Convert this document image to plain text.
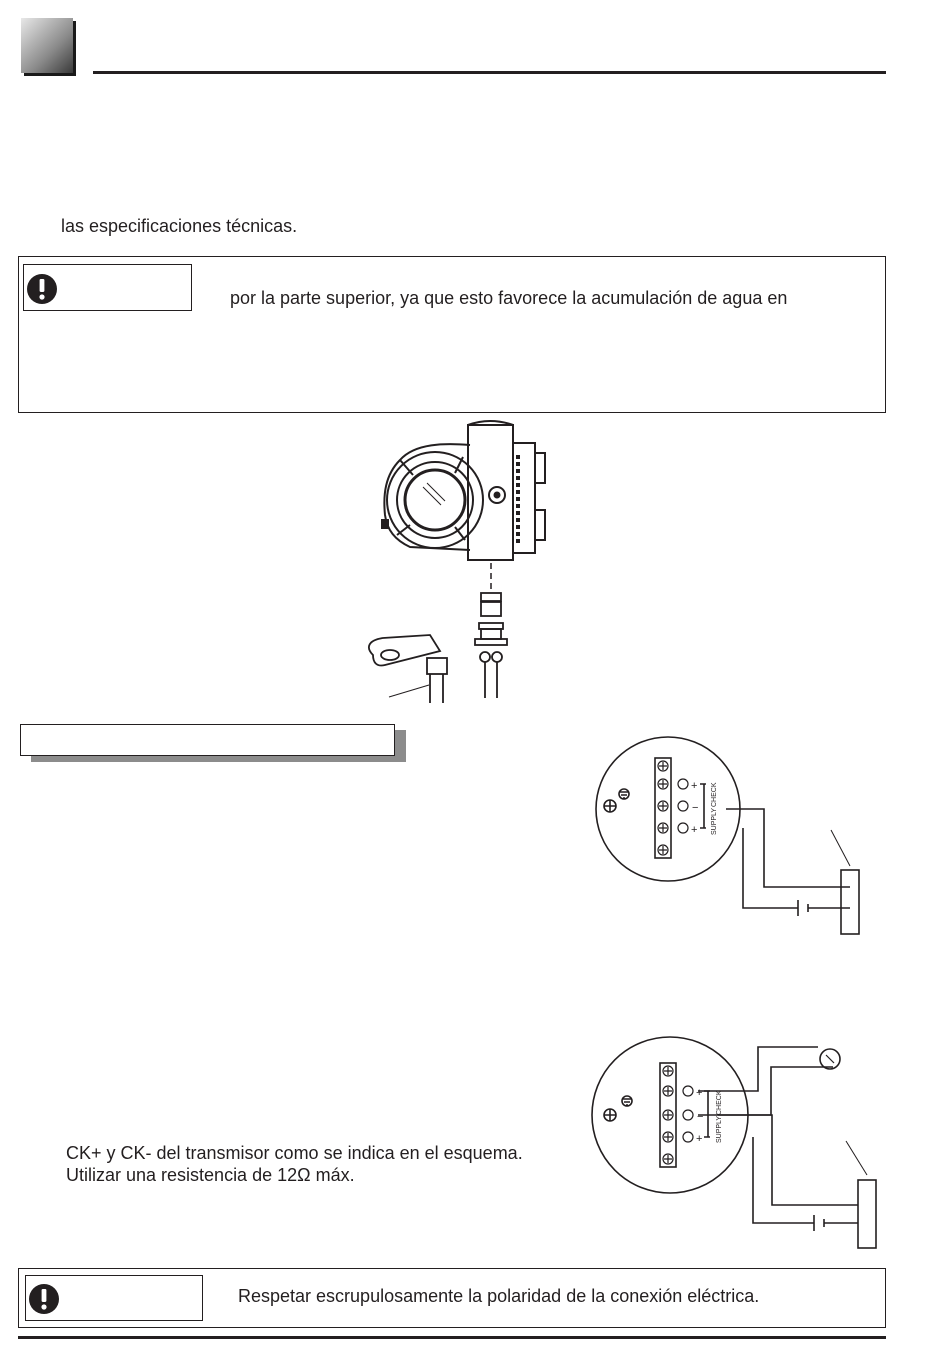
las especificaciones técnicas.
por la parte superior, ya que esto favorece la acumulación de agua en
+
−
+ SUPPLY
CHECK
CK+ y CK- del transmisor como se indica en el esquema.
Utilizar una resistencia de 12Ω máx.
+
−
+ SUPPLY
CHECK
Respetar escrupulosamente la polaridad de la conexión eléctrica.
